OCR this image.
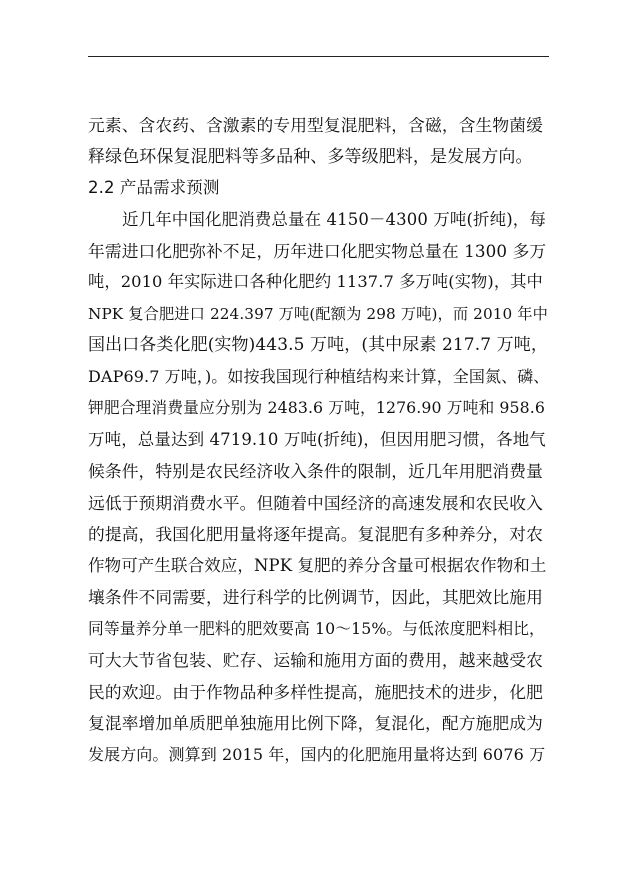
元素、含农药、含激素的专用型复混肥料，含磁，含生物菌缓
释绿色环保复混肥料等多品种、多等级肥料，是发展方向。
2.2 产品需求预测
近几年中国化肥消费总量在 4150－4300 万吨(折纯)，每
年需进口化肥弥补不足，历年进口化肥实物总量在 1300 多万
吨，2010 年实际进口各种化肥约 1137.7 多万吨(实物)，其中
NPK 复合肥进口 224.397 万吨(配额为 298 万吨)，而 2010 年中
国出口各类化肥(实物)443.5 万吨，(其中尿素 217.7 万吨，
DAP69.7 万吨，)。如按我国现行种植结构来计算，全国氮、磷、
钾肥合理消费量应分别为 2483.6 万吨，1276.90 万吨和 958.6
万吨，总量达到 4719.10 万吨(折纯)，但因用肥习惯，各地气
候条件，特别是农民经济收入条件的限制，近几年用肥消费量
远低于预期消费水平。但随着中国经济的高速发展和农民收入
的提高，我国化肥用量将逐年提高。复混肥有多种养分，对农
作物可产生联合效应，NPK 复肥的养分含量可根据农作物和土
壤条件不同需要，进行科学的比例调节，因此，其肥效比施用
同等量养分单一肥料的肥效要高 10～15%。与低浓度肥料相比，
可大大节省包装、贮存、运输和施用方面的费用，越来越受农
民的欢迎。由于作物品种多样性提高，施肥技术的进步，化肥
复混率增加单质肥单独施用比例下降，复混化，配方施肥成为
发展方向。测算到 2015 年，国内的化肥施用量将达到 6076 万
